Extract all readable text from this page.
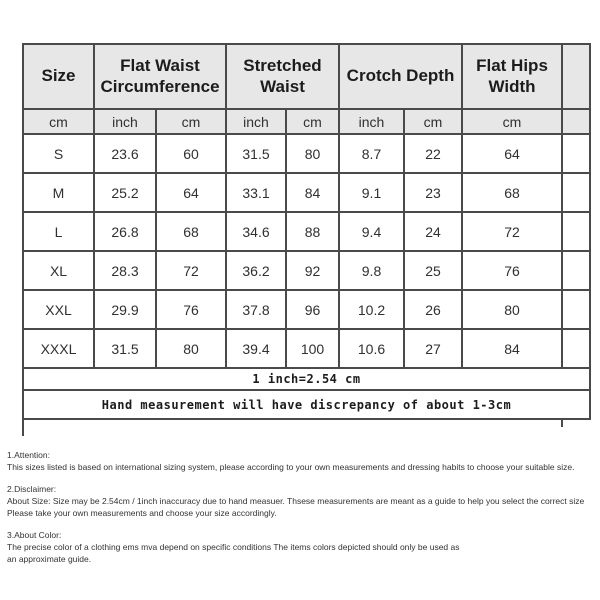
Size	Flat Waist Circumference		Stretched Waist		Crotch Depth		Flat Hips Width	
cm	inch	cm	inch	cm	inch	cm	cm	
S	23.6	60	31.5	80	8.7	22	64	
M	25.2	64	33.1	84	9.1	23	68	
L	26.8	68	34.6	88	9.4	24	72	
XL	28.3	72	36.2	92	9.8	25	76	
XXL	29.9	76	37.8	96	10.2	26	80	
XXXL	31.5	80	39.4	100	10.6	27	84	
1 inch=2.54 cm								
Hand measurement will have discrepancy of about 1-3cm								
1.Attention:
This sizes listed is based on international sizing system, please according to your own measurements and dressing habits to choose your suitable size.
2.Disclaimer:
About Size: Size may be 2.54cm / 1inch inaccuracy due to hand measuer. Thsese measurements are meant as a guide to help you select the correct size
Please take your own measurements and choose your size accordingly.
3.About Color:
The precise color of a clothing ems mva depend on specific conditions The items colors depicted should only be used as
an approximate guide.
